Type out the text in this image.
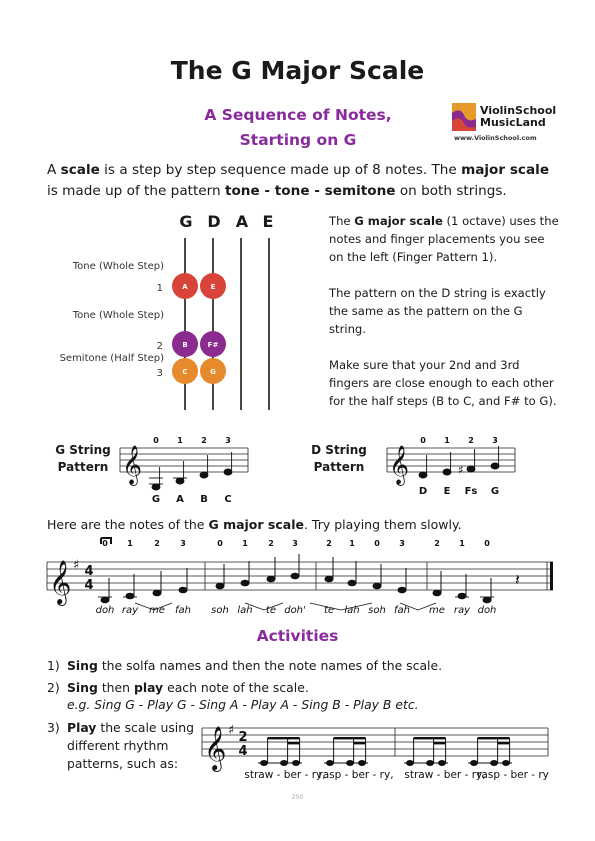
The G Major Scale
A Sequence of Notes,
Starting on G
ViolinSchool
MusicLand
www.ViolinSchool.com
A scale is a step by step sequence made up of 8 notes. The major scale is made up of the pattern tone - tone - semitone on both strings.
G D A E
Tone (Whole Step)
Tone (Whole Step)
Semitone (Half Step)
1
2
3
A	E
B	F#
C	G

The G major scale (1 octave) uses the notes and finger placements you see on the left (Finger Pattern 1).

The pattern on the D string is exactly the same as the pattern on the G string.

Make sure that your 2nd and 3rd fingers are close enough to each other for the half steps (B to C, and F# to G).

G String
Pattern 𝄞
0 1 2 3
G A B C
D String
Pattern 𝄞
0 1 2 3
♯
D E Fs G
Here are the notes of the G major scale. Try playing them slowly.
𝄞 ♯ 4
4
0
doh
1
ray
2
me
3
fah
0
soh
1
lah
2
te
3
doh'
2
te
1
lah
0
soh
3
fah
2
me
1
ray
0
doh
𝄽
Activities
1) Sing the solfa names and then the note names of the scale.
2) Sing then play each note of the scale.
e.g. Sing G - Play G - Sing A - Play A - Sing B - Play B etc.
3) Play the scale using
different rhythm
patterns, such as: 𝄞 ♯ 2
4
straw - ber - ry,
rasp - ber - ry, straw - ber - ry,
rasp - ber - ry
250
